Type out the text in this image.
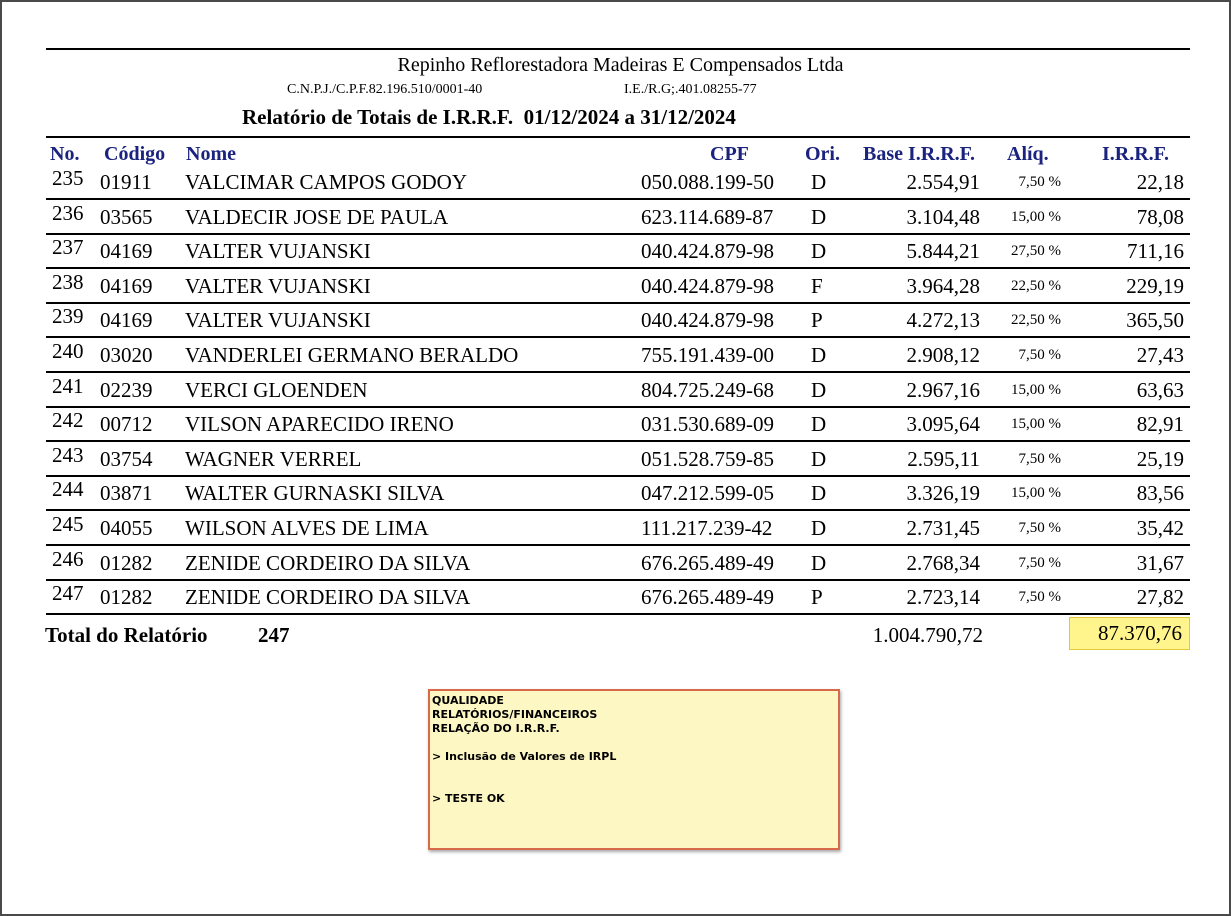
Repinho Reflorestadora Madeiras E Compensados Ltda
C.N.P.J./C.P.F.82.196.510/0001-40	I.E./R.G;.401.08255-77
Relatório de Totais de I.R.R.F.  01/12/2024 a 31/12/2024
No. Código Nome	CPF	Ori. Base I.R.R.F. Alíq.	I.R.R.F.
235 01911 VALCIMAR CAMPOS GODOY	050.088.199-50 D	2.554,91	7,50 %	22,18
236 03565 VALDECIR JOSE DE PAULA	623.114.689-87 D	3.104,48 15,00 %	78,08
237 04169 VALTER VUJANSKI	040.424.879-98 D	5.844,21 27,50 %	711,16
238 04169 VALTER VUJANSKI	040.424.879-98 F	3.964,28 22,50 %	229,19
239 04169 VALTER VUJANSKI	040.424.879-98 P	4.272,13 22,50 %	365,50
240 03020 VANDERLEI GERMANO BERALDO	755.191.439-00 D	2.908,12	7,50 %	27,43
241 02239 VERCI GLOENDEN	804.725.249-68 D	2.967,16 15,00 %	63,63
242 00712 VILSON APARECIDO IRENO	031.530.689-09 D	3.095,64 15,00 %	82,91
243 03754 WAGNER VERREL	051.528.759-85 D	2.595,11	7,50 %	25,19
244 03871 WALTER GURNASKI SILVA	047.212.599-05 D	3.326,19 15,00 %	83,56
245 04055 WILSON ALVES DE LIMA	111.217.239-42 D	2.731,45	7,50 %	35,42
246 01282 ZENIDE CORDEIRO DA SILVA	676.265.489-49 D	2.768,34	7,50 %	31,67
247 01282 ZENIDE CORDEIRO DA SILVA	676.265.489-49 P	2.723,14	7,50 %	27,82
Total do Relatório 247	1.004.790,72	87.370,76
QUALIDADE
RELATÓRIOS/FINANCEIROS
RELAÇÃO DO I.R.R.F.

> Inclusão de Valores de IRPL

> TESTE OK
